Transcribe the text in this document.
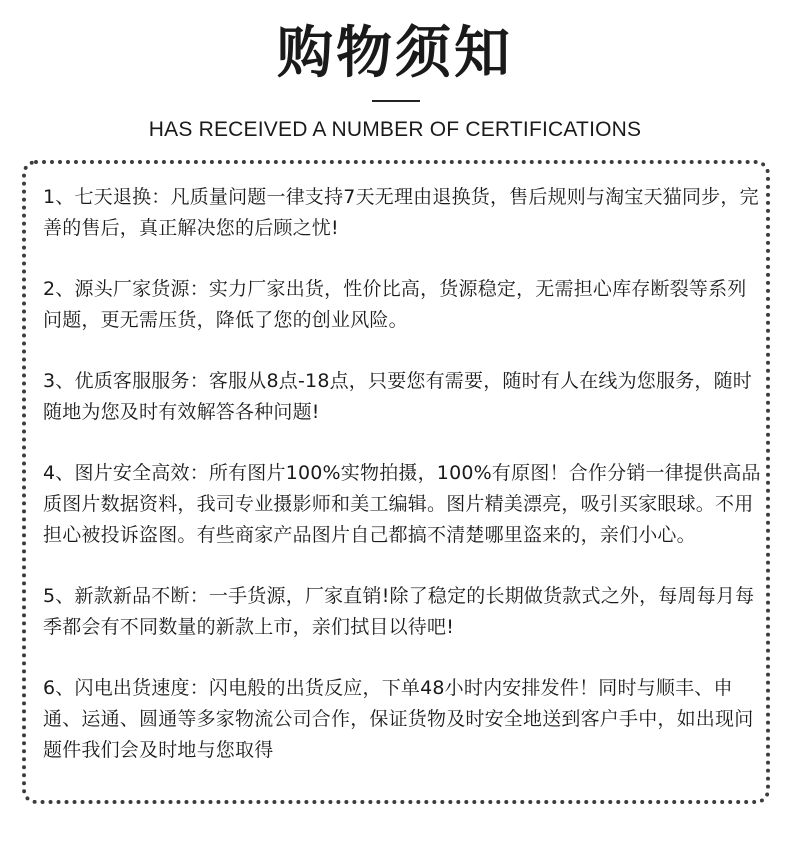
购物须知
HAS RECEIVED A NUMBER OF CERTIFICATIONS
1、七天退换：凡质量问题一律支持7天无理由退换货，售后规则与淘宝天猫同步，完善的售后，真正解决您的后顾之忧!
2、源头厂家货源：实力厂家出货，性价比高，货源稳定，无需担心库存断裂等系列问题，更无需压货，降低了您的创业风险。
3、优质客服服务：客服从8点-18点，只要您有需要，随时有人在线为您服务，随时随地为您及时有效解答各种问题!
4、图片安全高效：所有图片100%实物拍摄，100%有原图！合作分销一律提供高品质图片数据资料，我司专业摄影师和美工编辑。图片精美漂亮，吸引买家眼球。不用担心被投诉盗图。有些商家产品图片自己都搞不清楚哪里盗来的，亲们小心。
5、新款新品不断：一手货源，厂家直销!除了稳定的长期做货款式之外，每周每月每季都会有不同数量的新款上市，亲们拭目以待吧!
6、闪电出货速度：闪电般的出货反应，下单48小时内安排发件！同时与顺丰、申通、运通、圆通等多家物流公司合作，保证货物及时安全地送到客户手中，如出现问题件我们会及时地与您取得
